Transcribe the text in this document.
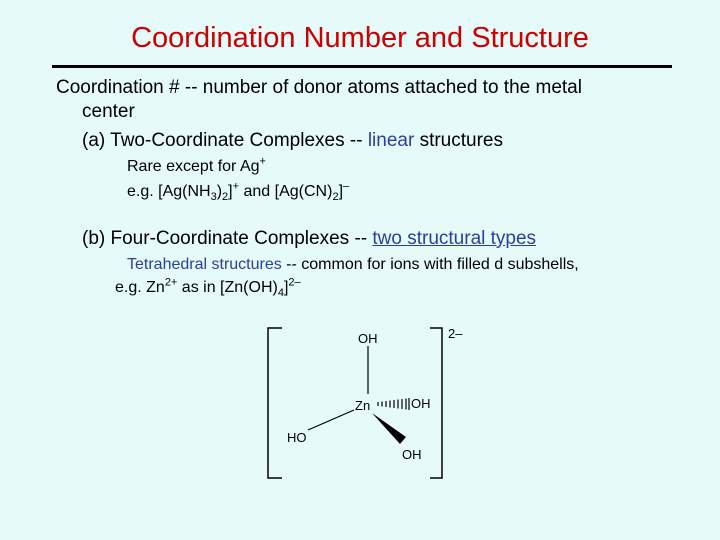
Coordination Number and Structure
Coordination # -- number of donor atoms attached to the metal
center
(a) Two-Coordinate Complexes -- linear structures
Rare except for Ag+
e.g. $[Ag(NH_3)_2]^+$ and $[Ag(CN)_2]^-$
(b) Four-Coordinate Complexes -- two structural types
Tetrahedral structures -- common for ions with filled d subshells,
e.g. $Zn^{2+}$ as in $[Zn(OH)_4]^{2-}$
2–
OH
Zn	OH
HO
OH
